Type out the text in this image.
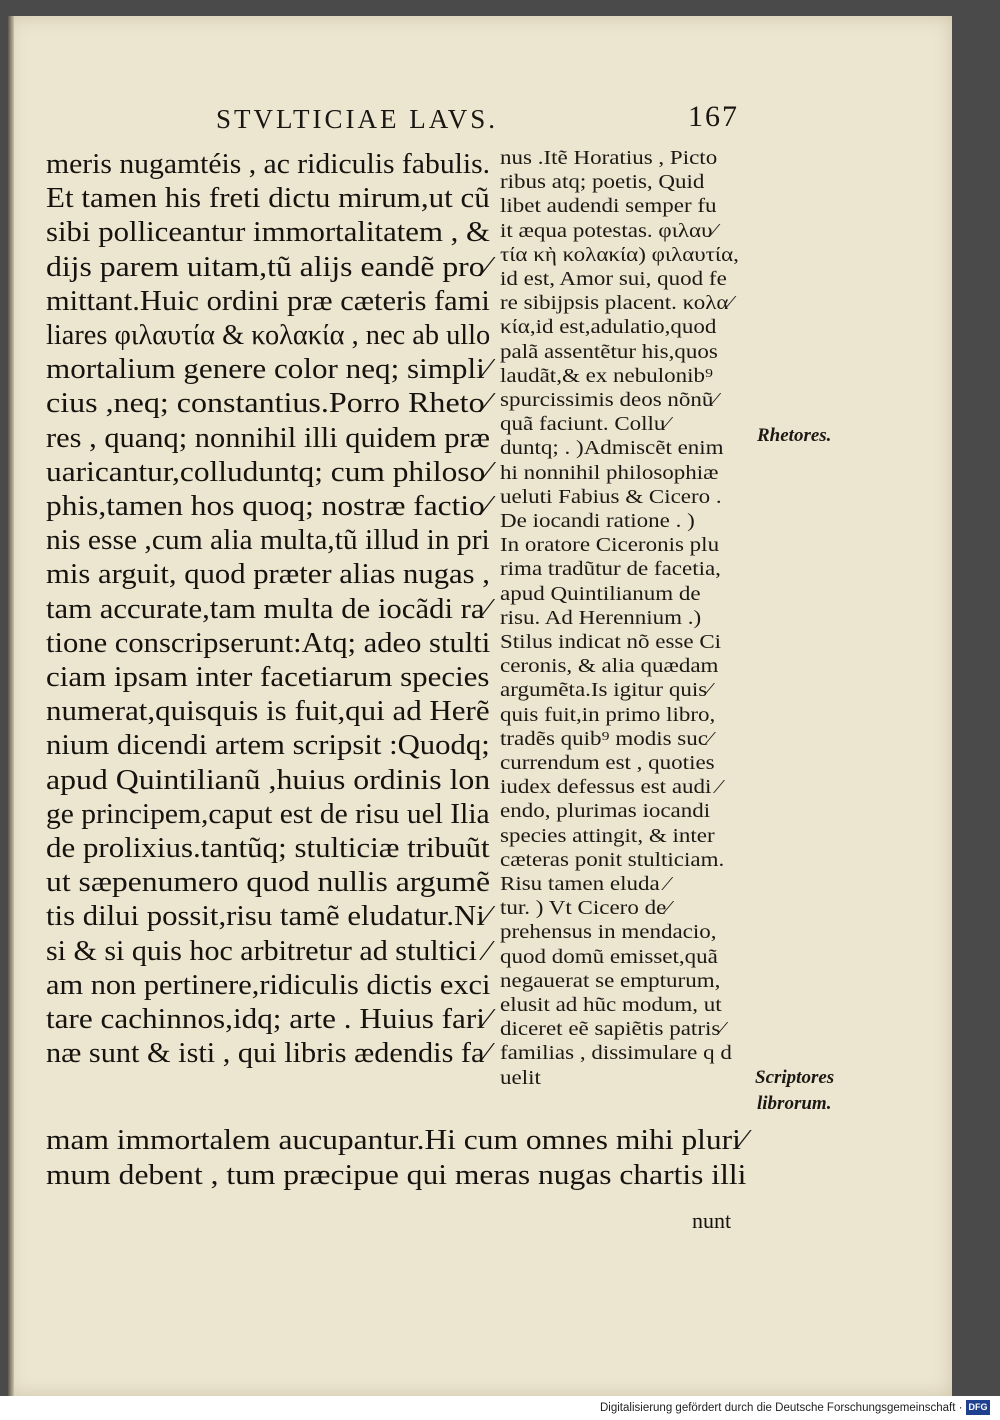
STVLTICIAE LAVS.	167
meris nugamtéis , ac ridiculis fabulis.
Et tamen his freti dictu mirum,ut cũ
sibi polliceantur immortalitatem , &
dijs parem uitam,tũ alijs eandẽ pro⁄
mittant.Huic ordini præ cæteris fami
liares φιλαυτία & κολακία , nec ab ullo
mortalium genere color neq; simpli⁄
cius ,neq; constantius.Porro Rheto⁄
res , quanq; nonnihil illi quidem præ
uaricantur,colluduntq; cum philoso⁄
phis,tamen hos quoq; nostræ factio⁄
nis esse ,cum alia multa,tũ illud in pri
mis arguit, quod præter alias nugas ,
tam accurate,tam multa de iocãdi ra⁄
tione conscripserunt:Atq; adeo stulti
ciam ipsam inter facetiarum species
numerat,quisquis is fuit,qui ad Herẽ
nium dicendi artem scripsit :Quodq;
apud Quintilianũ ,huius ordinis lon
ge principem,caput est de risu uel Ilia
de prolixius.tantũq; stulticiæ tribuũt
ut sæpenumero quod nullis argumẽ
tis dilui possit,risu tamẽ eludatur.Ni⁄
si & si quis hoc arbitretur ad stultici ⁄
am non pertinere,ridiculis dictis exci
tare cachinnos,idq; arte . Huius fari⁄
næ sunt & isti , qui libris ædendis fa⁄
mam immortalem aucupantur.Hi cum omnes mihi pluri⁄
mum debent , tum præcipue qui meras nugas chartis illi
nus .Itẽ Horatius , Picto
ribus atq; poetis, Quid
libet audendi semper fu
it æqua potestas. φιλαυ⁄
τία κὴ κολακία) φιλαυτία,
id est, Amor sui, quod fe
re sibijpsis placent. κολα⁄
κία,id est,adulatio,quod
palã assentẽtur his,quos
laudãt,& ex nebulonib⁹
spurcissimis deos nõnũ⁄
quã faciunt. Collu⁄
duntq; . )Admiscẽt enim
hi nonnihil philosophiæ
ueluti Fabius & Cicero .
De iocandi ratione . )
In oratore Ciceronis plu
rima tradũtur de facetia,
apud Quintilianum de
risu. Ad Herennium .)
Stilus indicat nõ esse Ci
ceronis, & alia quædam
argumẽta.Is igitur quis⁄
quis fuit,in primo libro,
tradẽs quib⁹ modis suc⁄
currendum est , quoties
iudex defessus est audi ⁄
endo, plurimas iocandi
species attingit, & inter
cæteras ponit stulticiam.
Risu tamen eluda ⁄
tur. ) Vt Cicero de⁄
prehensus in mendacio,
quod domũ emisset,quã
negauerat se empturum,
elusit ad hũc modum, ut
diceret eẽ sapiẽtis patris⁄
familias , dissimulare q d
uelit
nunt
Rhetores.
Scriptores
librorum.
Digitalisierung gefördert durch die Deutsche Forschungsgemeinschaft · DFG
